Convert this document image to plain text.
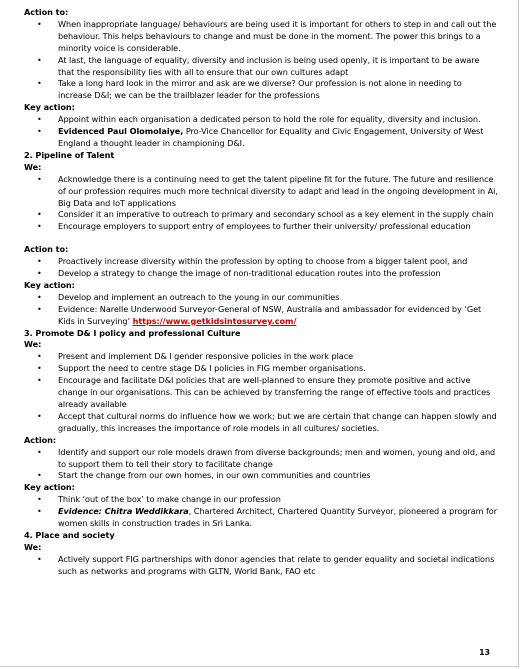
Action to:

• When inappropriate language/ behaviours are being used it is important for others to step in and call out the behaviour. This helps behaviours to change and must be done in the moment. The power this brings to a minority voice is considerable.
• At last, the language of equality, diversity and inclusion is being used openly, it is important to be aware that the responsibility lies with all to ensure that our own cultures adapt
• Take a long hard look in the mirror and ask are we diverse? Our profession is not alone in needing to increase D&I; we can be the trailblazer leader for the professions

Key action:

• Appoint within each organisation a dedicated person to hold the role for equality, diversity and inclusion.
• Evidenced Paul Olomolaiye, Pro-Vice Chancellor for Equality and Civic Engagement, University of West England a thought leader in championing D&I.

2. Pipeline of Talent

We:

• Acknowledge there is a continuing need to get the talent pipeline fit for the future. The future and resilience of our profession requires much more technical diversity to adapt and lead in the ongoing development in Ai, Big Data and IoT applications
• Consider it an imperative to outreach to primary and secondary school as a key element in the supply chain
• Encourage employers to support entry of employees to further their university/ professional education

Action to:

• Proactively increase diversity within the profession by opting to choose from a bigger talent pool, and
• Develop a strategy to change the image of non-traditional education routes into the profession

Key action:

• Develop and implement an outreach to the young in our communities
• Evidence: Narelle Underwood Surveyor-General of NSW, Australia and ambassador for evidenced by ‘Get Kids in Surveying’ https://www.getkidsintosurvey.com/

3. Promote D& I policy and professional Culture

We:

• Present and implement D& I gender responsive policies in the work place
• Support the need to centre stage D& I policies in FIG member organisations.
• Encourage and facilitate D&I policies that are well-planned to ensure they promote positive and active change in our organisations. This can be achieved by transferring the range of effective tools and practices already available
• Accept that cultural norms do influence how we work; but we are certain that change can happen slowly and gradually, this increases the importance of role models in all cultures/ societies.

Action:

• Identify and support our role models drawn from diverse backgrounds; men and women, young and old, and to support them to tell their story to facilitate change
• Start the change from our own homes, in our own communities and countries

Key action:

• Think ‘out of the box’ to make change in our profession
• Evidence: Chitra Weddikkara, Chartered Architect, Chartered Quantity Surveyor, pioneered a program for women skills in construction trades in Sri Lanka.

4. Place and society

We:

• Actively support FIG partnerships with donor agencies that relate to gender equality and societal indications such as networks and programs with GLTN, World Bank, FAO etc
13
